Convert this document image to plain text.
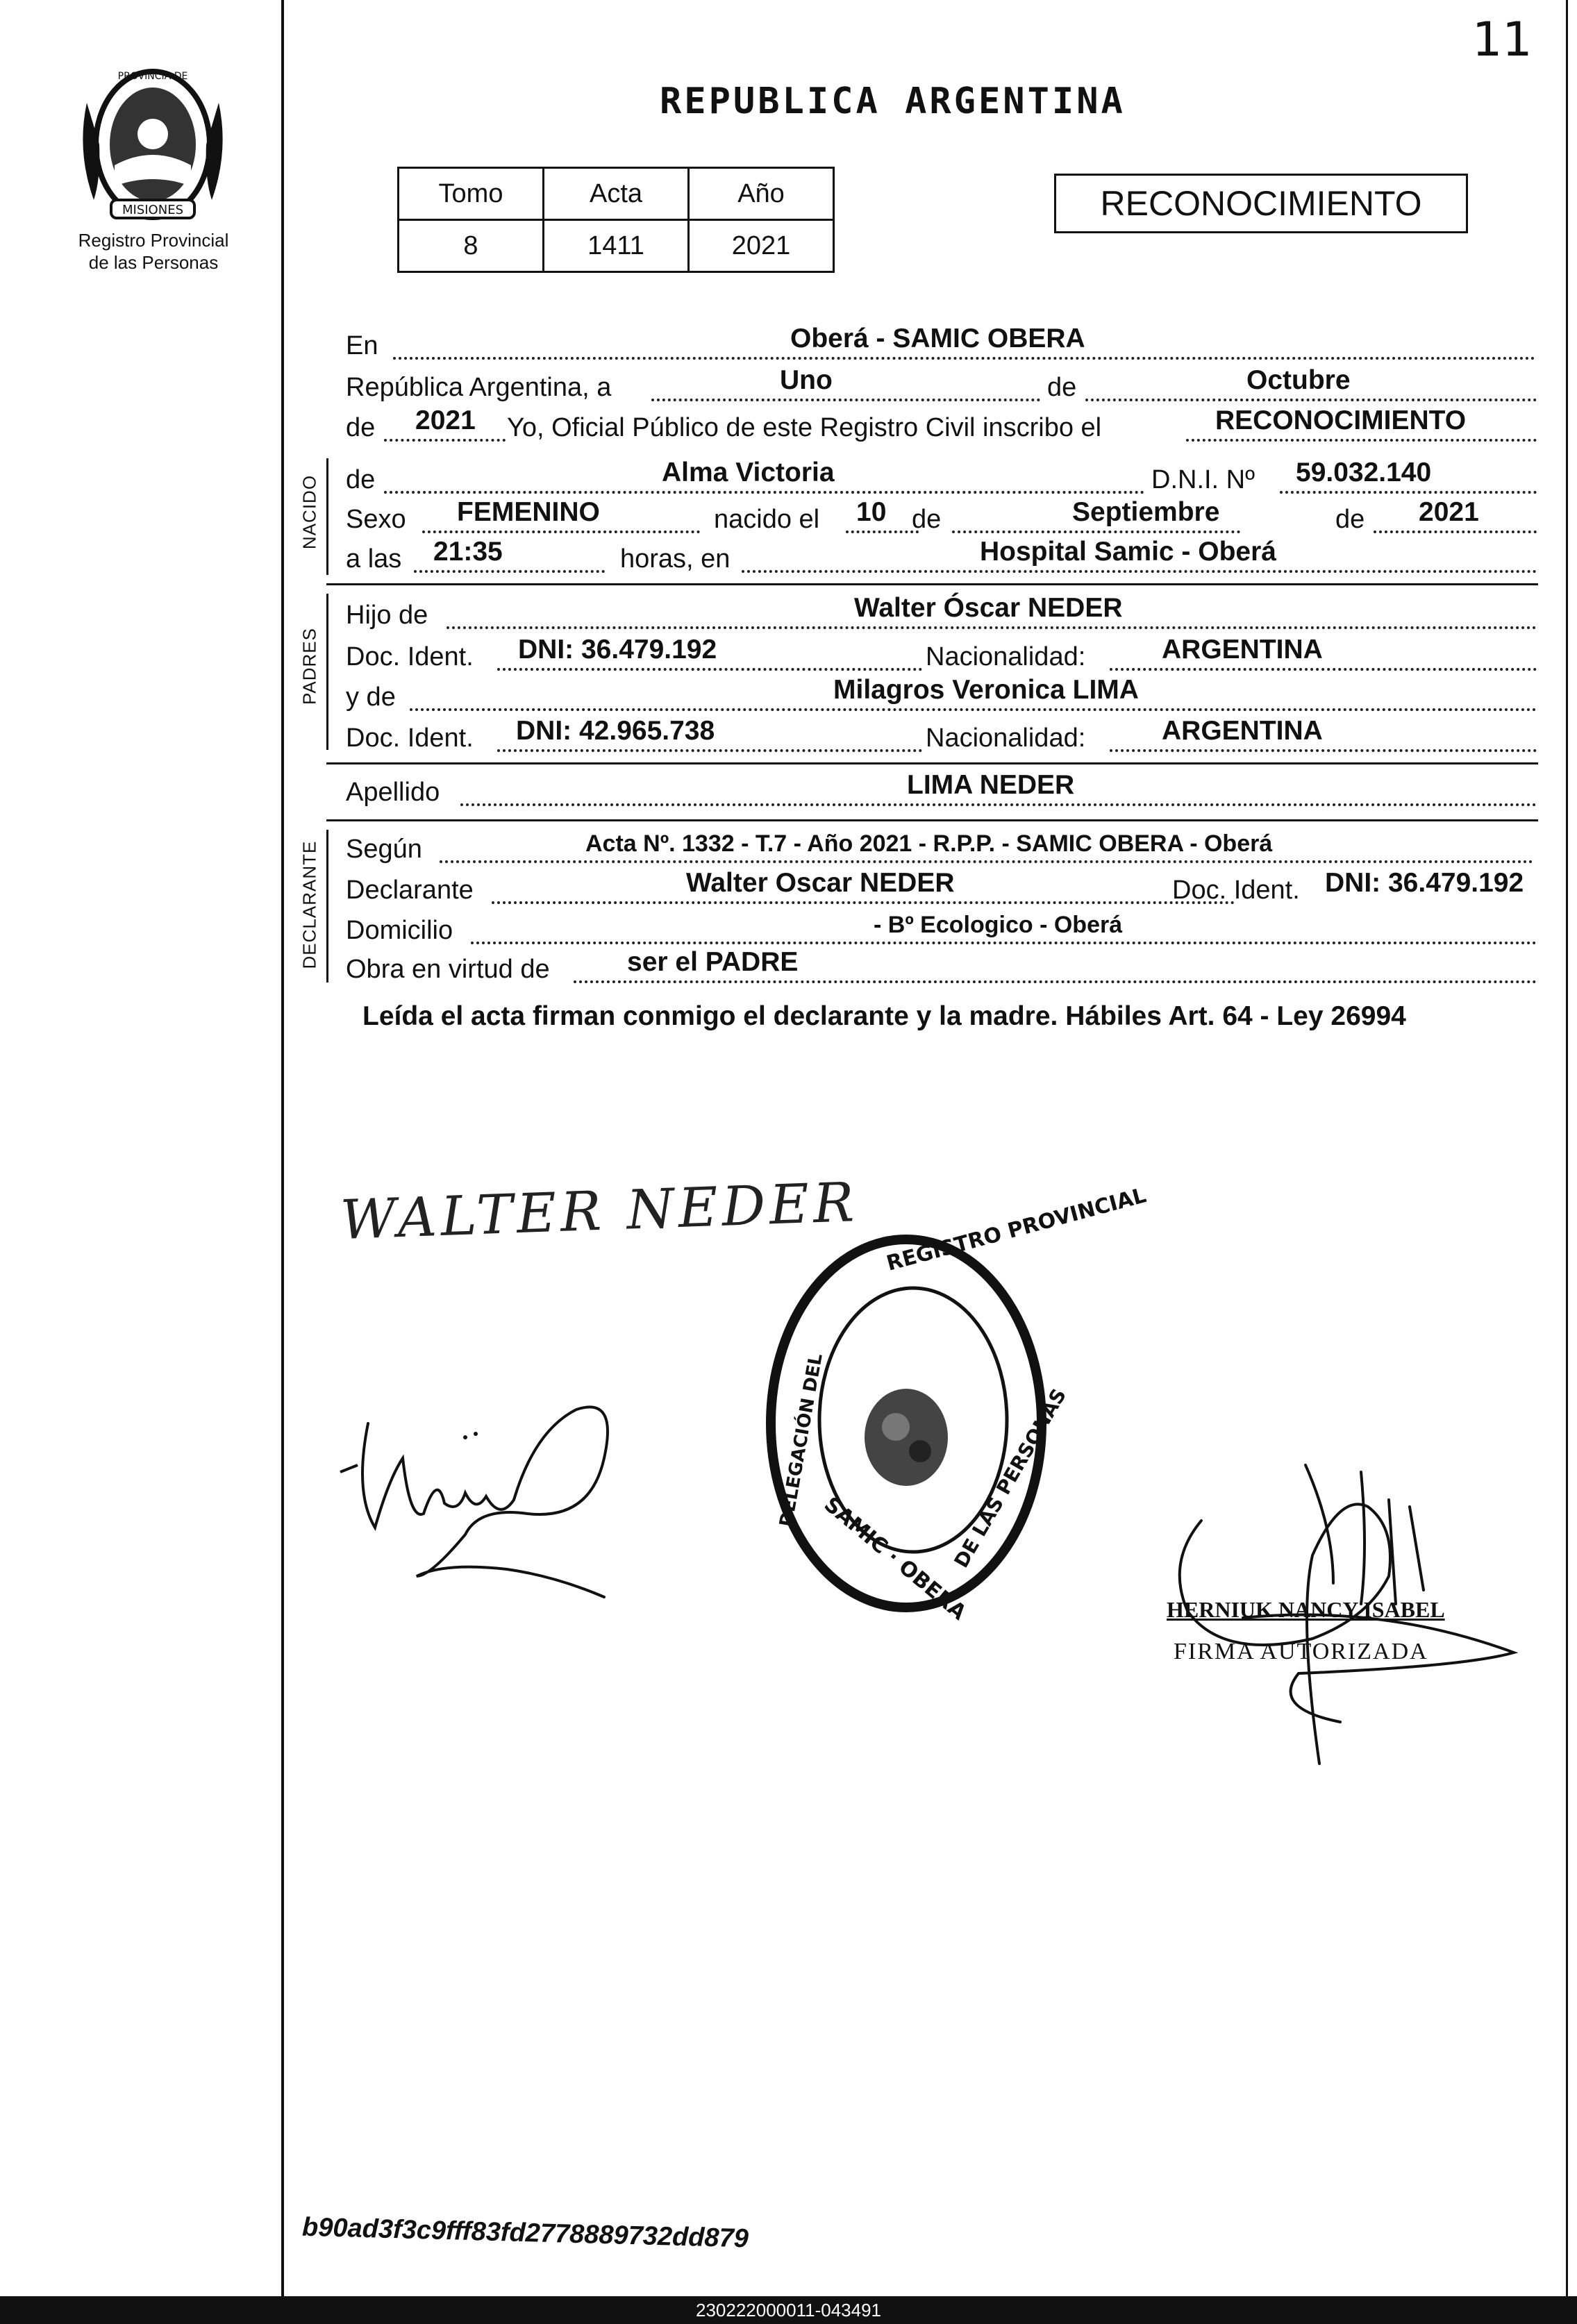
11
MISIONES
PROVINCIA DE
Registro Provincial
de las Personas
REPUBLICA ARGENTINA
Tomo	Acta	Año
8	1411	2021
RECONOCIMIENTO
En	Oberá - SAMIC OBERA
República Argentina, a	Uno	de	Octubre
de 2021 Yo, Oficial Público de este Registro Civil inscribo el	RECONOCIMIENTO
NACIDO de	Alma Victoria	D.N.I. Nº 59.032.140
Sexo FEMENINO	nacido el 10 de	Septiembre	de 2021
a las 21:35	horas, en	Hospital Samic - Oberá
PADRES
Hijo de	Walter Óscar NEDER
Doc. Ident. DNI: 36.479.192	Nacionalidad:	ARGENTINA
y de	Milagros Veronica LIMA
Doc. Ident. DNI: 42.965.738	Nacionalidad:	ARGENTINA
Apellido	LIMA NEDER
DECLARANTE Según	Acta Nº. 1332 - T.7 - Año 2021 - R.P.P. - SAMIC OBERA - Oberá
Declarante	Walter Oscar NEDER	Doc. Ident. DNI: 36.479.192
Domicilio	- Bº Ecologico - Oberá
Obra en virtud de	ser el PADRE
Leída el acta firman conmigo el declarante y la madre. Hábiles Art. 64 - Ley 26994
WALTER NEDER REGISTRO PROVINCIAL
DE LAS PERSONAS
SAMIC · OBERA
DELEGACIÓN DEL
HERNIUK NANCY ISABEL
FIRMA AUTORIZADA
b90ad3f3c9fff83fd2778889732dd879
230222000011-043491
